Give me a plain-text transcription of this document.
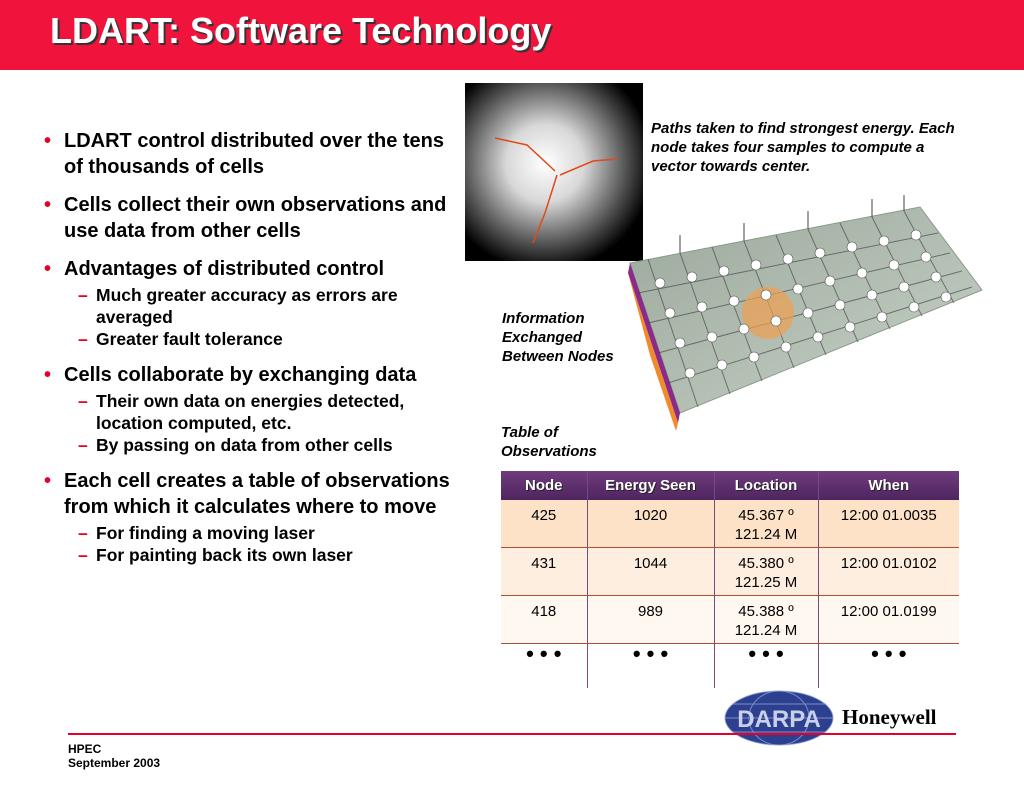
LDART: Software Technology
• LDART control distributed over the tens of thousands of cells
• Cells collect their own observations and use data from other cells
• Advantages of distributed control
– Much greater accuracy as errors are averaged
– Greater fault tolerance
• Cells collaborate by exchanging data
– Their own data on energies detected, location computed, etc.
– By passing on data from other cells
• Each cell creates a table of observations from which it calculates where to move
– For finding a moving laser
– For painting back its own laser
Paths taken to find strongest energy. Each node takes four samples to compute a vector towards center.
Information Exchanged Between Nodes
Table of Observations
Node	Energy Seen	Location	When
425	1020	45.367 º 121.24 M	12:00 01.0035
431	1044	45.380 º 121.25 M	12:00 01.0102
418	989	45.388 º 121.24 M	12:00 01.0199
• • •	• • •	• • •	• • •
DARPA Honeywell
HPEC
September 2003
